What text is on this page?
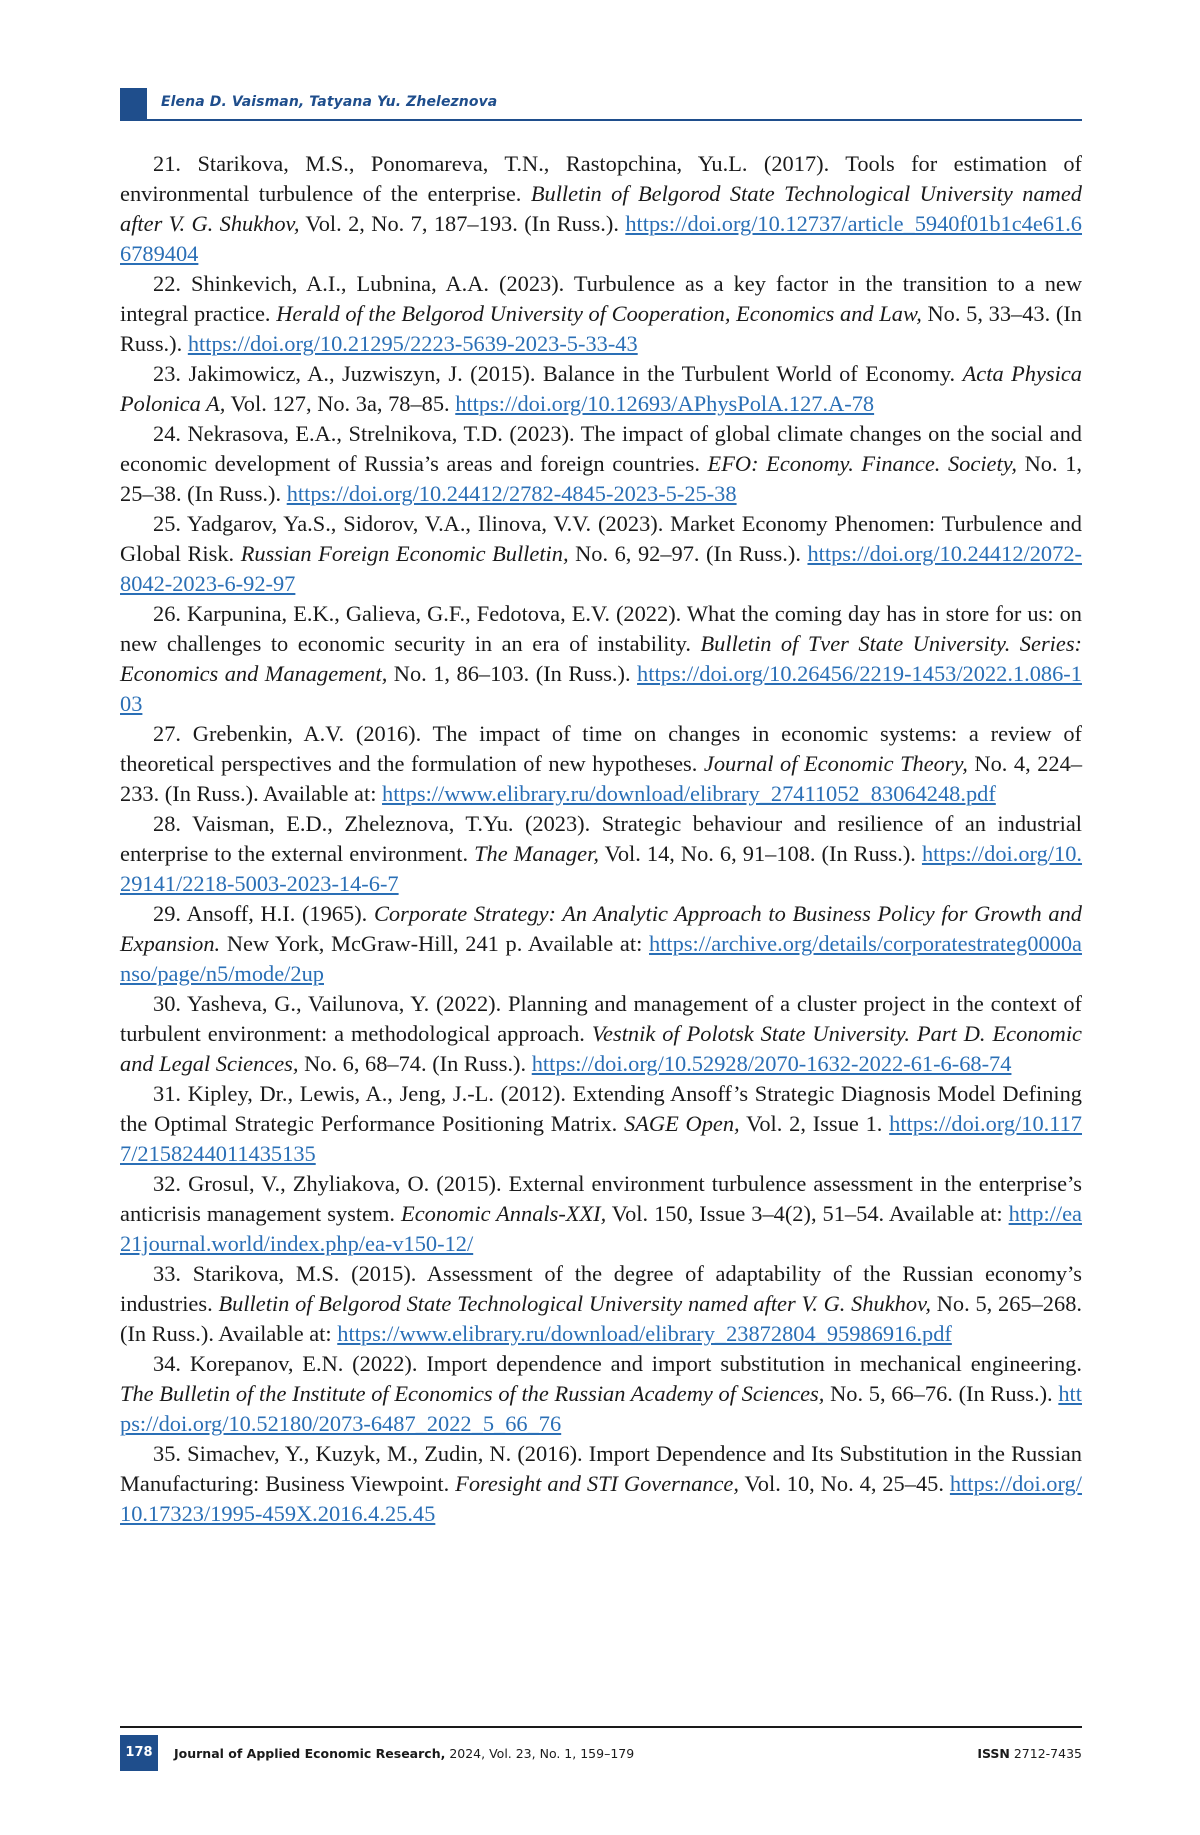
Elena D. Vaisman, Tatyana Yu. Zheleznova

21. Starikova, M.S., Ponomareva, T.N., Rastopchina, Yu.L. (2017). Tools for estimation of environmental turbulence of the enterprise. Bulletin of Belgorod State Technological University named after V. G. Shukhov, Vol. 2, No. 7, 187–193. (In Russ.). https://doi.org/10.12737/article_5940f01b1c4e61.66789404

22. Shinkevich, A.I., Lubnina, A.A. (2023). Turbulence as a key factor in the transition to a new integral practice. Herald of the Belgorod University of Cooperation, Economics and Law, No. 5, 33–43. (In Russ.). https://doi.org/10.21295/2223-5639-2023-5-33-43

23. Jakimowicz, A., Juzwiszyn, J. (2015). Balance in the Turbulent World of Economy. Acta Physica Polonica A, Vol. 127, No. 3a, 78–85. https://doi.org/10.12693/APhysPolA.127.A-78

24. Nekrasova, E.A., Strelnikova, T.D. (2023). The impact of global climate changes on the social and economic development of Russia’s areas and foreign countries. EFO: Economy. Finance. Society, No. 1, 25–38. (In Russ.). https://doi.org/10.24412/2782-4845-2023-5-25-38

25. Yadgarov, Ya.S., Sidorov, V.A., Ilinova, V.V. (2023). Market Economy Phenomen: Turbulence and Global Risk. Russian Foreign Economic Bulletin, No. 6, 92–97. (In Russ.). https://doi.org/10.24412/2072-8042-2023-6-92-97

26. Karpunina, E.K., Galieva, G.F., Fedotova, E.V. (2022). What the coming day has in store for us: on new challenges to economic security in an era of instability. Bulletin of Tver State University. Series: Economics and Management, No. 1, 86–103. (In Russ.). https://doi.org/10.26456/2219-1453/2022.1.086-103

27. Grebenkin, A.V. (2016). The impact of time on changes in economic systems: a review of theoretical perspectives and the formulation of new hypotheses. Journal of Economic Theory, No. 4, 224–233. (In Russ.). Available at: https://www.elibrary.ru/download/elibrary_27411052_83064248.pdf

28. Vaisman, E.D., Zheleznova, T.Yu. (2023). Strategic behaviour and resilience of an industrial enterprise to the external environment. The Manager, Vol. 14, No. 6, 91–108. (In Russ.). https://doi.org/10.29141/2218-5003-2023-14-6-7

29. Ansoff, H.I. (1965). Corporate Strategy: An Analytic Approach to Business Policy for Growth and Expansion. New York, McGraw-Hill, 241 p. Available at: https://archive.org/details/corporatestrateg0000anso/page/n5/mode/2up

30. Yasheva, G., Vailunova, Y. (2022). Planning and management of a cluster project in the context of turbulent environment: a methodological approach. Vestnik of Polotsk State University. Part D. Economic and Legal Sciences, No. 6, 68–74. (In Russ.). https://doi.org/10.52928/2070-1632-2022-61-6-68-74

31. Kipley, Dr., Lewis, A., Jeng, J.-L. (2012). Extending Ansoff’s Strategic Diagnosis Model Defining the Optimal Strategic Performance Positioning Matrix. SAGE Open, Vol. 2, Issue 1. https://doi.org/10.1177/2158244011435135

32. Grosul, V., Zhyliakova, O. (2015). External environment turbulence assessment in the enterprise’s anticrisis management system. Economic Annals-XXI, Vol. 150, Issue 3–4(2), 51–54. Available at: http://ea21journal.world/index.php/ea-v150-12/

33. Starikova, M.S. (2015). Assessment of the degree of adaptability of the Russian economy’s industries. Bulletin of Belgorod State Technological University named after V. G. Shukhov, No. 5, 265–268. (In Russ.). Available at: https://www.elibrary.ru/download/elibrary_23872804_95986916.pdf

34. Korepanov, E.N. (2022). Import dependence and import substitution in mechanical engineering. The Bulletin of the Institute of Economics of the Russian Academy of Sciences, No. 5, 66–76. (In Russ.). https://doi.org/10.52180/2073-6487_2022_5_66_76

35. Simachev, Y., Kuzyk, M., Zudin, N. (2016). Import Dependence and Its Substitution in the Russian Manufacturing: Business Viewpoint. Foresight and STI Governance, Vol. 10, No. 4, 25–45. https://doi.org/10.17323/1995-459X.2016.4.25.45

178	Journal of Applied Economic Research, 2024, Vol. 23, No. 1, 159–179	ISSN 2712-7435
